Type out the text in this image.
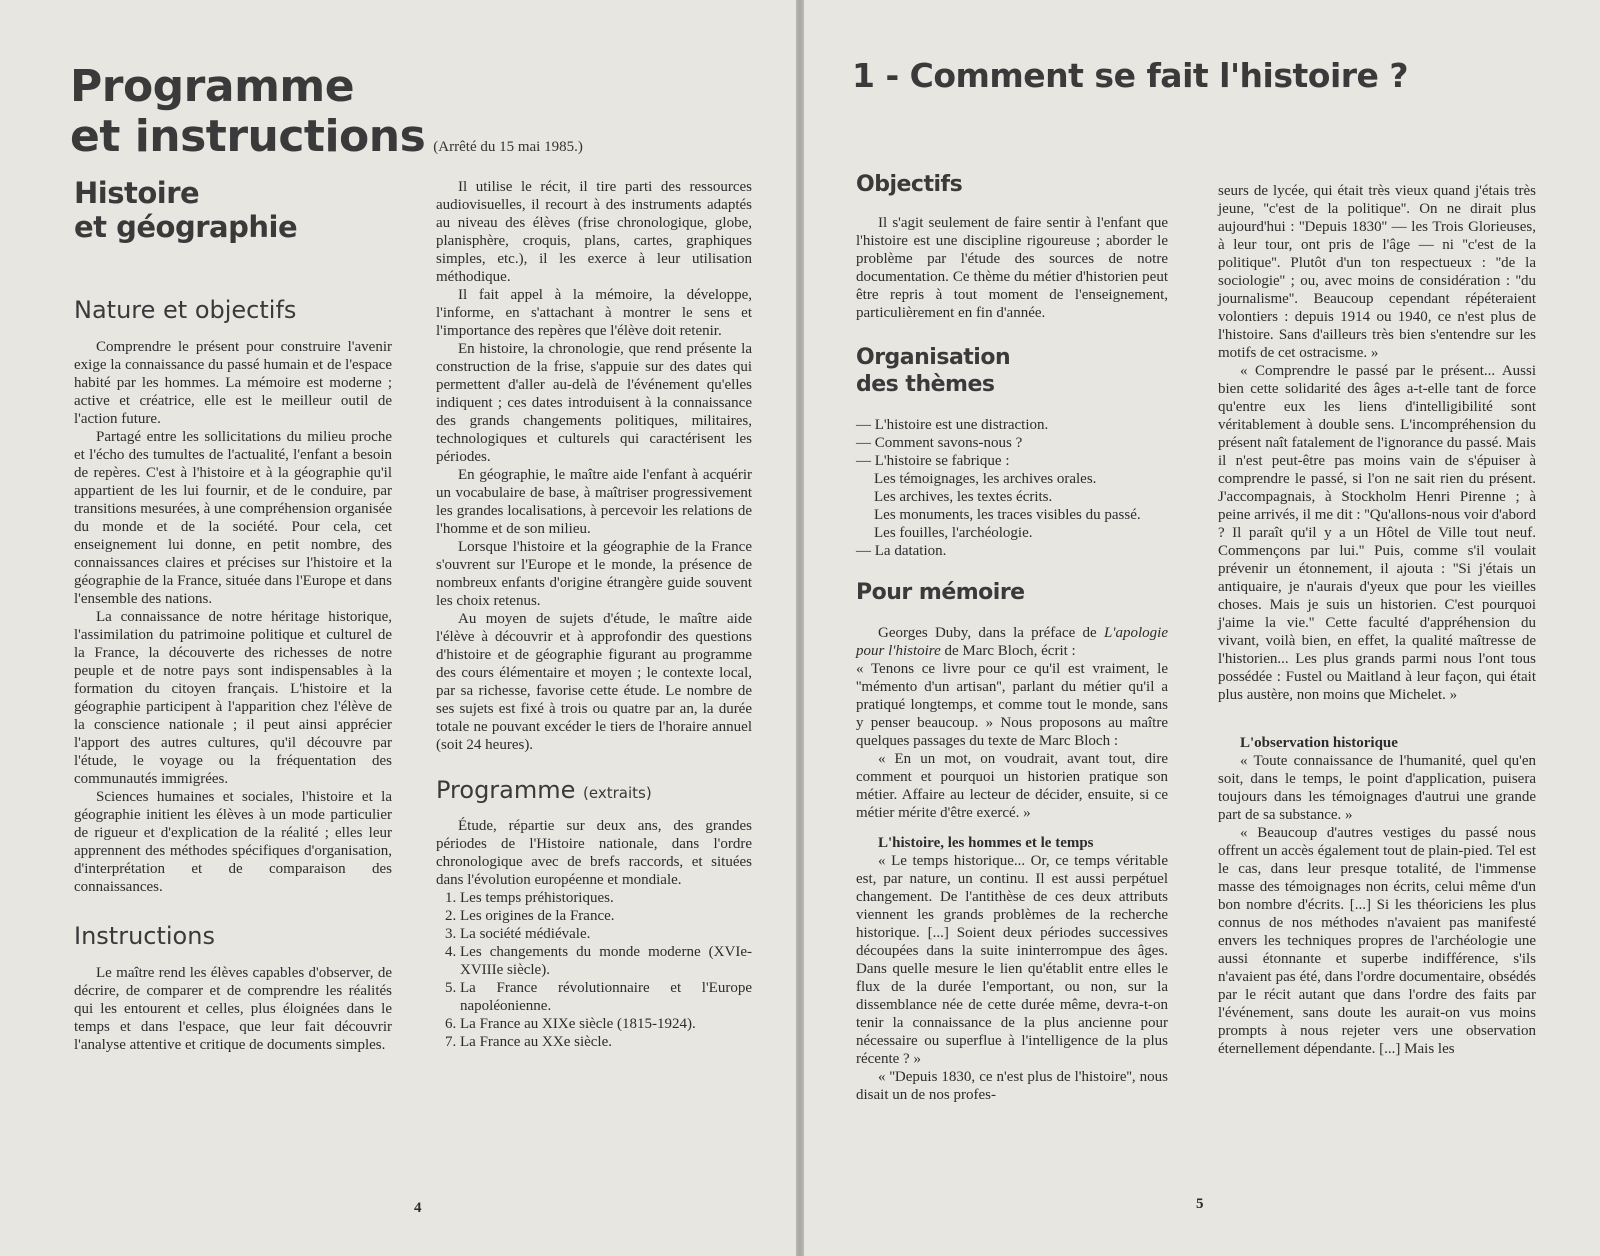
Programme
et instructions (Arrêté du 15 mai 1985.)
Histoire
et géographie
Nature et objectifs

Comprendre le présent pour construire l'avenir exige la connaissance du passé humain et de l'espace habité par les hommes. La mémoire est moderne ; active et créatrice, elle est le meilleur outil de l'action future.

Partagé entre les sollicitations du milieu proche et l'écho des tumultes de l'actualité, l'enfant a besoin de repères. C'est à l'histoire et à la géographie qu'il appartient de les lui fournir, et de le conduire, par transitions mesurées, à une compréhension organisée du monde et de la société. Pour cela, cet enseignement lui donne, en petit nombre, des connaissances claires et précises sur l'histoire et la géographie de la France, située dans l'Europe et dans l'ensemble des nations.

La connaissance de notre héritage historique, l'assimilation du patrimoine politique et culturel de la France, la découverte des richesses de notre peuple et de notre pays sont indispensables à la formation du citoyen français. L'histoire et la géographie participent à l'apparition chez l'élève de la conscience nationale ; il peut ainsi apprécier l'apport des autres cultures, qu'il découvre par l'étude, le voyage ou la fréquentation des communautés immigrées.

Sciences humaines et sociales, l'histoire et la géographie initient les élèves à un mode particulier de rigueur et d'explication de la réalité ; elles leur apprennent des méthodes spécifiques d'organisation, d'interprétation et de comparaison des connaissances.

Instructions

Le maître rend les élèves capables d'observer, de décrire, de comparer et de comprendre les réalités qui les entourent et celles, plus éloignées dans le temps et dans l'espace, que leur fait découvrir l'analyse attentive et critique de documents simples.

Il utilise le récit, il tire parti des ressources audiovisuelles, il recourt à des instruments adaptés au niveau des élèves (frise chronologique, globe, planisphère, croquis, plans, cartes, graphiques simples, etc.), il les exerce à leur utilisation méthodique.

Il fait appel à la mémoire, la développe, l'informe, en s'attachant à montrer le sens et l'importance des repères que l'élève doit retenir.

En histoire, la chronologie, que rend présente la construction de la frise, s'appuie sur des dates qui permettent d'aller au-delà de l'événement qu'elles indiquent ; ces dates introduisent à la connaissance des grands changements politiques, militaires, technologiques et culturels qui caractérisent les périodes.

En géographie, le maître aide l'enfant à acquérir un vocabulaire de base, à maîtriser progressivement les grandes localisations, à percevoir les relations de l'homme et de son milieu.

Lorsque l'histoire et la géographie de la France s'ouvrent sur l'Europe et le monde, la présence de nombreux enfants d'origine étrangère guide souvent les choix retenus.

Au moyen de sujets d'étude, le maître aide l'élève à découvrir et à approfondir des questions d'histoire et de géographie figurant au programme des cours élémentaire et moyen ; le contexte local, par sa richesse, favorise cette étude. Le nombre de ses sujets est fixé à trois ou quatre par an, la durée totale ne pouvant excéder le tiers de l'horaire annuel (soit 24 heures).

Programme (extraits)

Étude, répartie sur deux ans, des grandes périodes de l'Histoire nationale, dans l'ordre chronologique avec de brefs raccords, et situées dans l'évolution européenne et mondiale.

1. Les temps préhistoriques.
2. Les origines de la France.
3. La société médiévale.
4. Les changements du monde moderne (XVIe-XVIIIe siècle).
5. La France révolutionnaire et l'Europe napoléonienne.
6. La France au XIXe siècle (1815-1924).
7. La France au XXe siècle.
4
1 - Comment se fait l'histoire ?
Objectifs

Il s'agit seulement de faire sentir à l'enfant que l'histoire est une discipline rigoureuse ; aborder le problème par l'étude des sources de notre documentation. Ce thème du métier d'historien peut être repris à tout moment de l'enseignement, particulièrement en fin d'année.

Organisation
des thèmes
— L'histoire est une distraction.
— Comment savons-nous ?
— L'histoire se fabrique :
Les témoignages, les archives orales.
Les archives, les textes écrits.
Les monuments, les traces visibles du passé.
Les fouilles, l'archéologie.
— La datation.
Pour mémoire

Georges Duby, dans la préface de L'apologie pour l'histoire de Marc Bloch, écrit :

« Tenons ce livre pour ce qu'il est vraiment, le ''mémento d'un artisan'', parlant du métier qu'il a pratiqué longtemps, et comme tout le monde, sans y penser beaucoup. » Nous proposons au maître quelques passages du texte de Marc Bloch :

« En un mot, on voudrait, avant tout, dire comment et pourquoi un historien pratique son métier. Affaire au lecteur de décider, ensuite, si ce métier mérite d'être exercé. »

L'histoire, les hommes et le temps

« Le temps historique... Or, ce temps véritable est, par nature, un continu. Il est aussi perpétuel changement. De l'antithèse de ces deux attributs viennent les grands problèmes de la recherche historique. [...] Soient deux périodes successives découpées dans la suite ininterrompue des âges. Dans quelle mesure le lien qu'établit entre elles le flux de la durée l'emportant, ou non, sur la dissemblance née de cette durée même, devra-t-on tenir la connaissance de la plus ancienne pour nécessaire ou superflue à l'intelligence de la plus récente ? »

« ''Depuis 1830, ce n'est plus de l'histoire'', nous disait un de nos profes-

seurs de lycée, qui était très vieux quand j'étais très jeune, ''c'est de la politique''. On ne dirait plus aujourd'hui : ''Depuis 1830'' — les Trois Glorieuses, à leur tour, ont pris de l'âge — ni ''c'est de la politique''. Plutôt d'un ton respectueux : ''de la sociologie'' ; ou, avec moins de considération : ''du journalisme''. Beaucoup cependant répéteraient volontiers : depuis 1914 ou 1940, ce n'est plus de l'histoire. Sans d'ailleurs très bien s'entendre sur les motifs de cet ostracisme. »

« Comprendre le passé par le présent... Aussi bien cette solidarité des âges a-t-elle tant de force qu'entre eux les liens d'intelligibilité sont véritablement à double sens. L'incompréhension du présent naît fatalement de l'ignorance du passé. Mais il n'est peut-être pas moins vain de s'épuiser à comprendre le passé, si l'on ne sait rien du présent. J'accompagnais, à Stockholm Henri Pirenne ; à peine arrivés, il me dit : ''Qu'allons-nous voir d'abord ? Il paraît qu'il y a un Hôtel de Ville tout neuf. Commençons par lui.'' Puis, comme s'il voulait prévenir un étonnement, il ajouta : ''Si j'étais un antiquaire, je n'aurais d'yeux que pour les vieilles choses. Mais je suis un historien. C'est pourquoi j'aime la vie.'' Cette faculté d'appréhension du vivant, voilà bien, en effet, la qualité maîtresse de l'historien... Les plus grands parmi nous l'ont tous possédée : Fustel ou Maitland à leur façon, qui était plus austère, non moins que Michelet. »

L'observation historique

« Toute connaissance de l'humanité, quel qu'en soit, dans le temps, le point d'application, puisera toujours dans les témoignages d'autrui une grande part de sa substance. »

« Beaucoup d'autres vestiges du passé nous offrent un accès également tout de plain-pied. Tel est le cas, dans leur presque totalité, de l'immense masse des témoignages non écrits, celui même d'un bon nombre d'écrits. [...] Si les théoriciens les plus connus de nos méthodes n'avaient pas manifesté envers les techniques propres de l'archéologie une aussi étonnante et superbe indifférence, s'ils n'avaient pas été, dans l'ordre documentaire, obsédés par le récit autant que dans l'ordre des faits par l'événement, sans doute les aurait-on vus moins prompts à nous rejeter vers une observation éternellement dépendante. [...] Mais les

5
